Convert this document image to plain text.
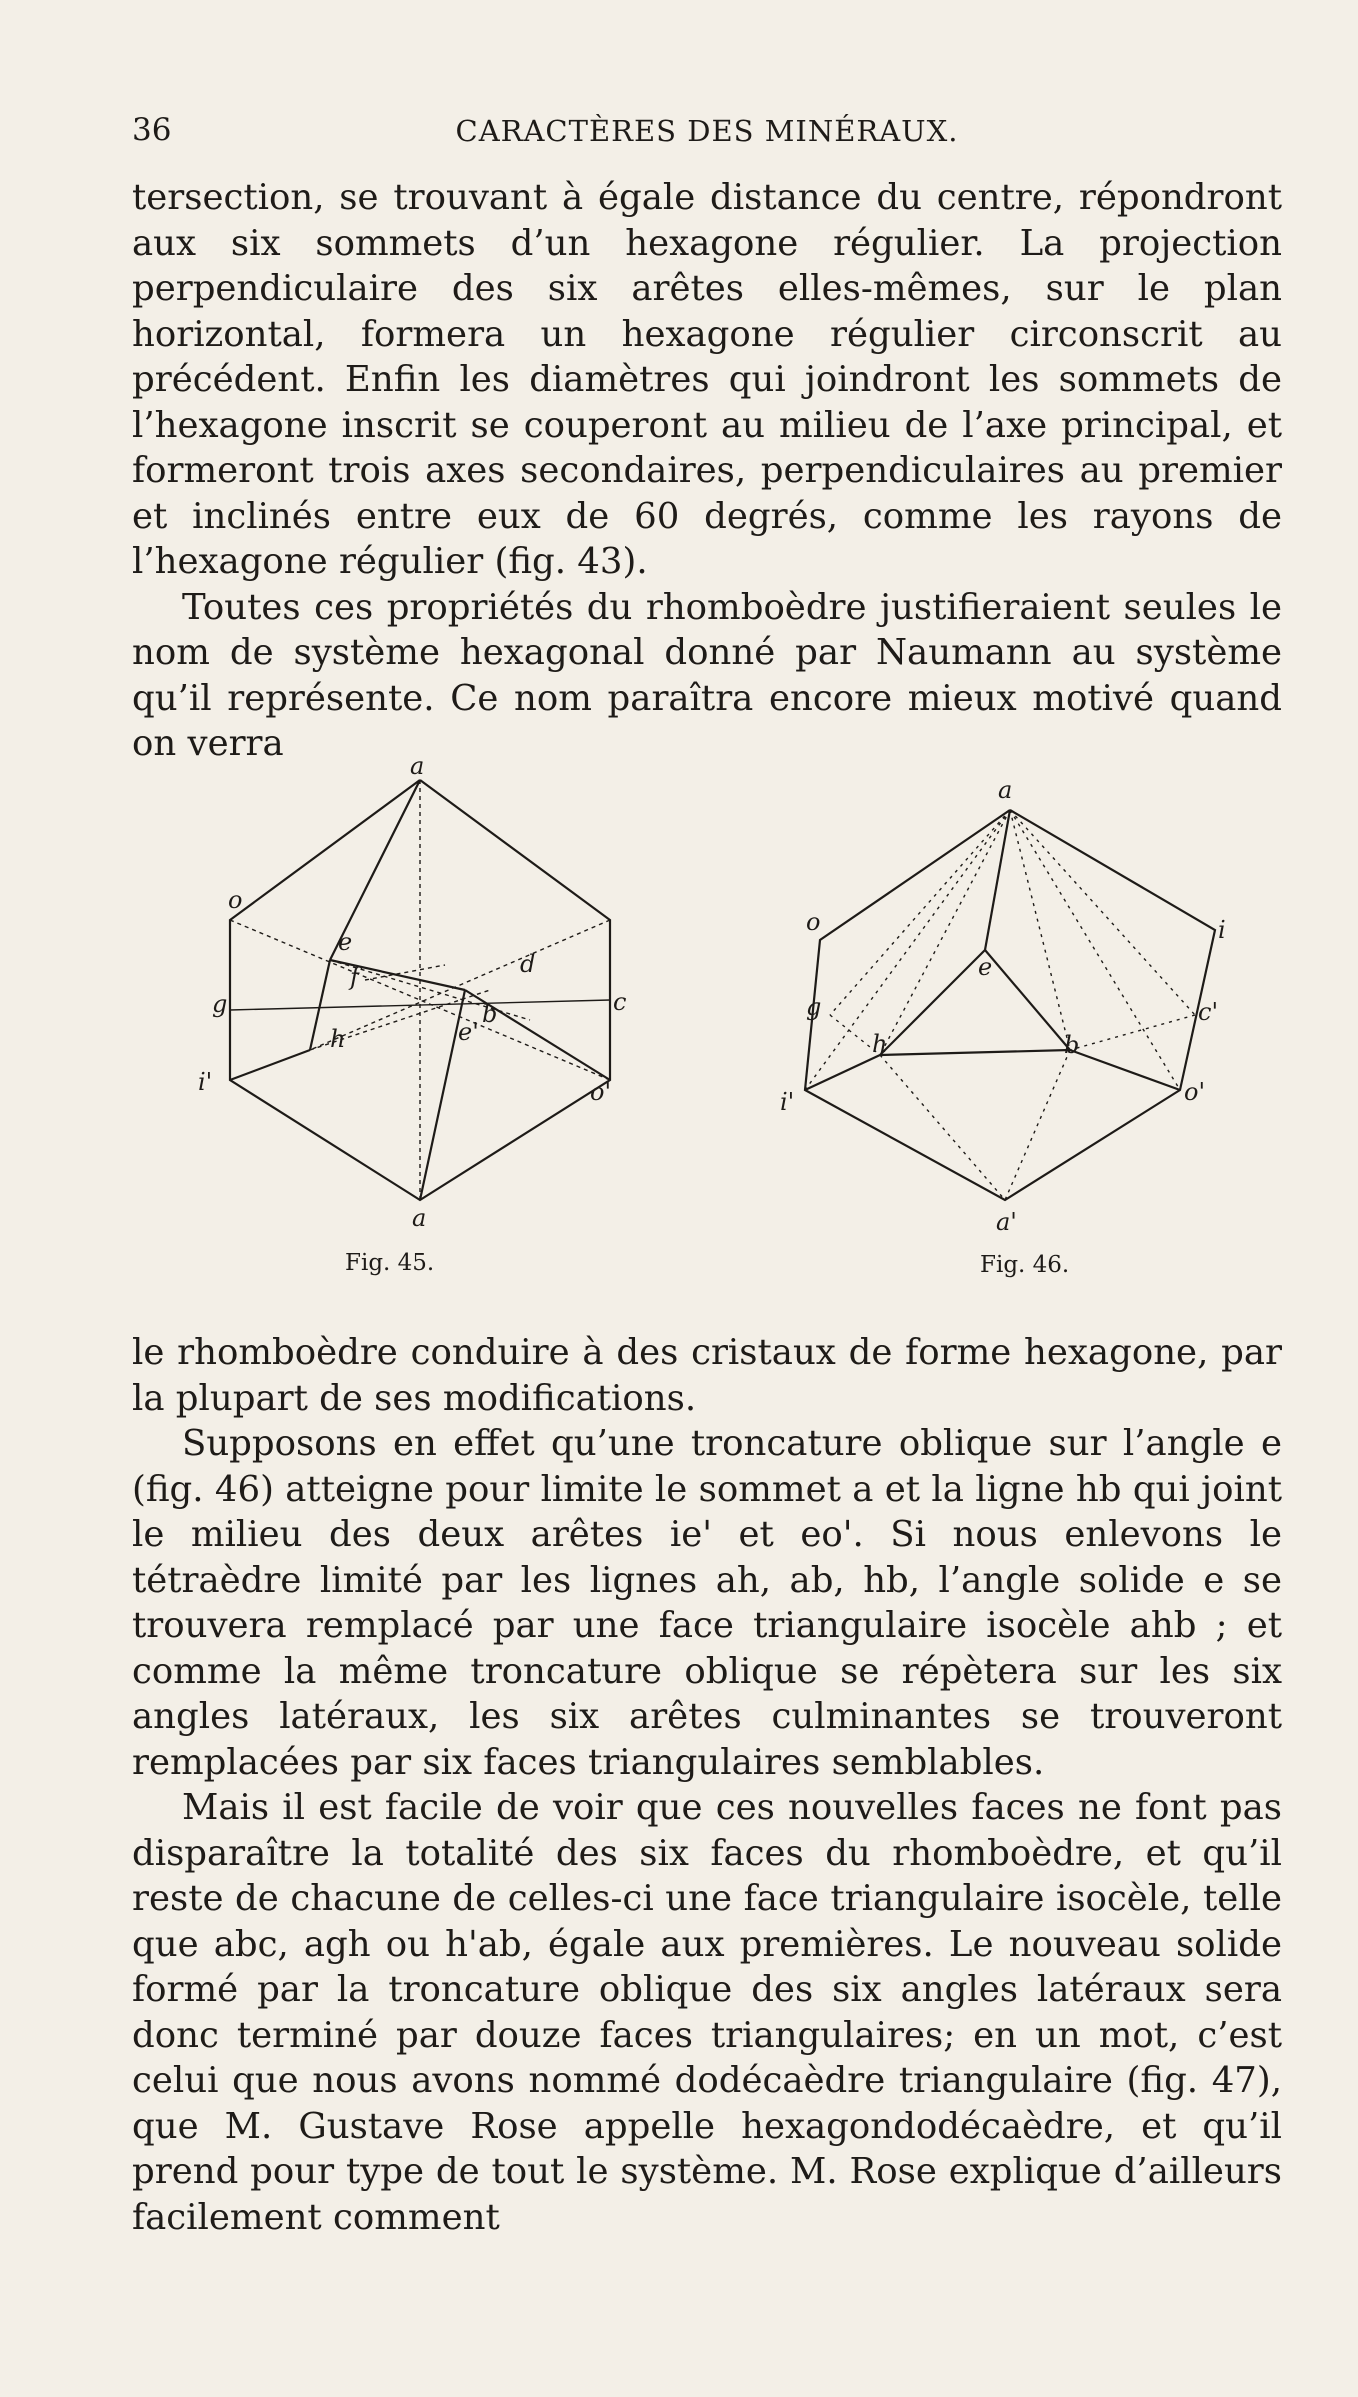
36	CARACTÈRES DES MINÉRAUX.

tersection, se trouvant à égale distance du centre, répondront aux six sommets d’un hexagone régulier. La projection perpendiculaire des six arêtes elles-mêmes, sur le plan horizontal, formera un hexagone régulier circonscrit au précédent. Enfin les diamètres qui joindront les sommets de l’hexagone inscrit se couperont au milieu de l’axe principal, et formeront trois axes secondaires, perpendiculaires au premier et inclinés entre eux de 60 degrés, comme les rayons de l’hexagone régulier (fig. 43).

Toutes ces propriétés du rhomboèdre justifieraient seules le nom de système hexagonal donné par Naumann au système qu’il représente. Ce nom paraîtra encore mieux motivé quand on verra

a
o
e
f	d
g	c
h
b
e'
i'	o'
a
Fig. 45.
a
o	i
e
g	c'
h	b
i'	o'
a'
Fig. 46.

le rhomboèdre conduire à des cristaux de forme hexagone, par la plupart de ses modifications.

Supposons en effet qu’une troncature oblique sur l’angle e (fig. 46) atteigne pour limite le sommet a et la ligne hb qui joint le milieu des deux arêtes ie' et eo'. Si nous enlevons le tétraèdre limité par les lignes ah, ab, hb, l’angle solide e se trouvera remplacé par une face triangulaire isocèle ahb ; et comme la même troncature oblique se répètera sur les six angles latéraux, les six arêtes culminantes se trouveront remplacées par six faces triangulaires semblables.

Mais il est facile de voir que ces nouvelles faces ne font pas disparaître la totalité des six faces du rhomboèdre, et qu’il reste de chacune de celles-ci une face triangulaire isocèle, telle que abc, agh ou h'ab, égale aux premières. Le nouveau solide formé par la troncature oblique des six angles latéraux sera donc terminé par douze faces triangulaires; en un mot, c’est celui que nous avons nommé dodécaèdre triangulaire (fig. 47), que M. Gustave Rose appelle hexagondodécaèdre, et qu’il prend pour type de tout le système. M. Rose explique d’ailleurs facilement comment
